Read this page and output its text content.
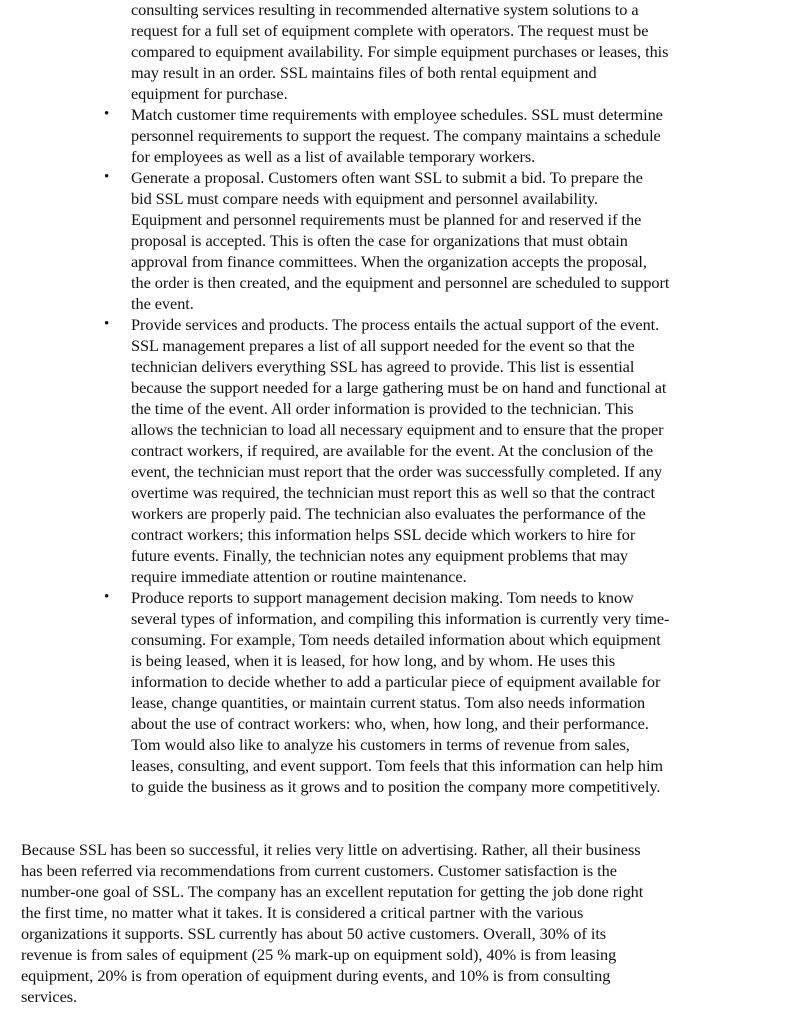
consulting services resulting in recommended alternative system solutions to a
request for a full set of equipment complete with operators. The request must be
compared to equipment availability. For simple equipment purchases or leases, this
may result in an order. SSL maintains files of both rental equipment and
equipment for purchase.
• Match customer time requirements with employee schedules. SSL must determine
personnel requirements to support the request. The company maintains a schedule
for employees as well as a list of available temporary workers.
• Generate a proposal. Customers often want SSL to submit a bid. To prepare the
bid SSL must compare needs with equipment and personnel availability.
Equipment and personnel requirements must be planned for and reserved if the
proposal is accepted. This is often the case for organizations that must obtain
approval from finance committees. When the organization accepts the proposal,
the order is then created, and the equipment and personnel are scheduled to support
the event.
• Provide services and products. The process entails the actual support of the event.
SSL management prepares a list of all support needed for the event so that the
technician delivers everything SSL has agreed to provide. This list is essential
because the support needed for a large gathering must be on hand and functional at
the time of the event. All order information is provided to the technician. This
allows the technician to load all necessary equipment and to ensure that the proper
contract workers, if required, are available for the event. At the conclusion of the
event, the technician must report that the order was successfully completed. If any
overtime was required, the technician must report this as well so that the contract
workers are properly paid. The technician also evaluates the performance of the
contract workers; this information helps SSL decide which workers to hire for
future events. Finally, the technician notes any equipment problems that may
require immediate attention or routine maintenance.
• Produce reports to support management decision making. Tom needs to know
several types of information, and compiling this information is currently very time-
consuming. For example, Tom needs detailed information about which equipment
is being leased, when it is leased, for how long, and by whom. He uses this
information to decide whether to add a particular piece of equipment available for
lease, change quantities, or maintain current status. Tom also needs information
about the use of contract workers: who, when, how long, and their performance.
Tom would also like to analyze his customers in terms of revenue from sales,
leases, consulting, and event support. Tom feels that this information can help him
to guide the business as it grows and to position the company more competitively.
Because SSL has been so successful, it relies very little on advertising. Rather, all their business
has been referred via recommendations from current customers. Customer satisfaction is the
number-one goal of SSL. The company has an excellent reputation for getting the job done right
the first time, no matter what it takes. It is considered a critical partner with the various
organizations it supports. SSL currently has about 50 active customers. Overall, 30% of its
revenue is from sales of equipment (25 % mark-up on equipment sold), 40% is from leasing
equipment, 20% is from operation of equipment during events, and 10% is from consulting
services.
